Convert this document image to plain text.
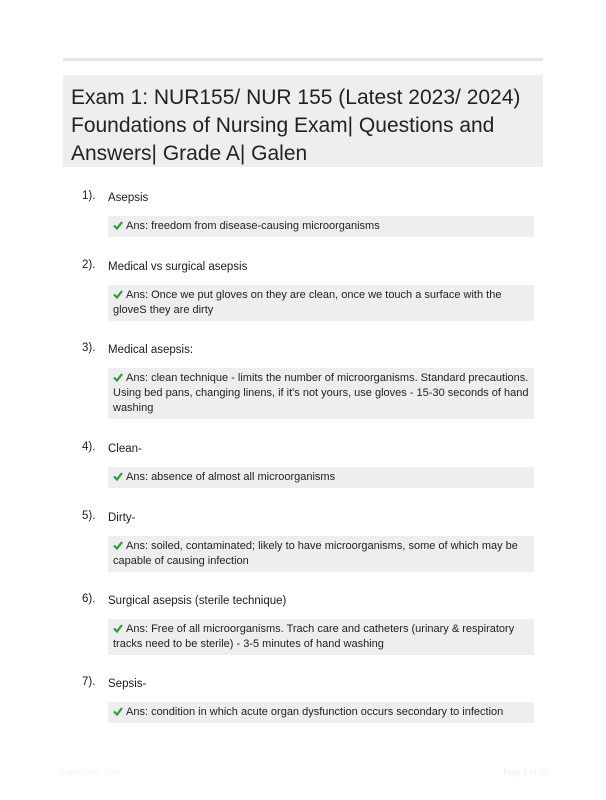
Exam 1: NUR155/ NUR 155 (Latest 2023/ 2024) Foundations of Nursing Exam| Questions and Answers| Grade A| Galen
1). Asepsis
Ans: freedom from disease-causing microorganisms
2). Medical vs surgical asepsis
Ans: Once we put gloves on they are clean, once we touch a surface with the gloveS they are dirty
3). Medical asepsis:
Ans: clean technique - limits the number of microorganisms. Standard precautions. Using bed pans, changing linens, if it's not yours, use gloves - 15-30 seconds of hand washing
4). Clean-
Ans: absence of almost all microorganisms
5). Dirty-
Ans: soiled, contaminated; likely to have microorganisms, some of which may be capable of causing infection
6). Surgical asepsis (sterile technique)
Ans: Free of all microorganisms. Trach care and catheters (urinary & respiratory tracks need to be sterile) - 3-5 minutes of hand washing
7). Sepsis-
Ans: condition in which acute organ dysfunction occurs secondary to infection
PaperStoc.com	Page 1 of 29
